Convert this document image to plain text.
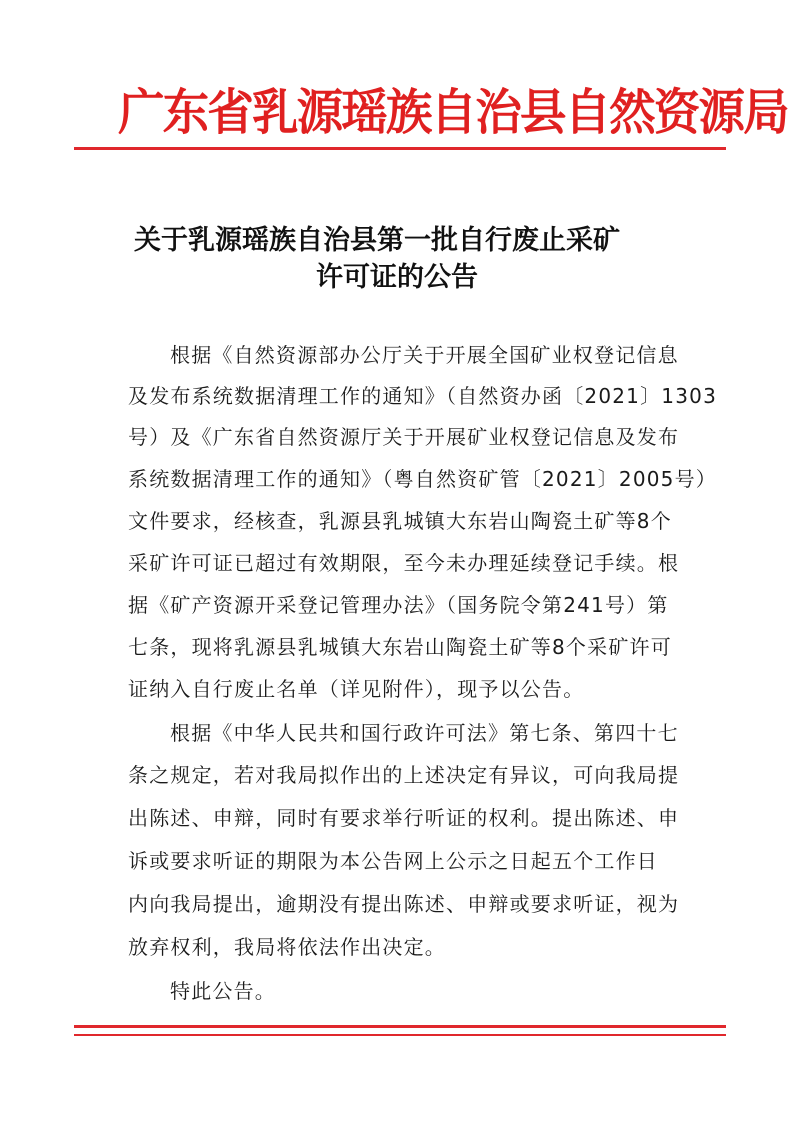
广东省乳源瑶族自治县自然资源局
关于乳源瑶族自治县第一批自行废止采矿
许可证的公告
根据《自然资源部办公厅关于开展全国矿业权登记信息
及发布系统数据清理工作的通知》（自然资办函〔2021〕1303
号）及《广东省自然资源厅关于开展矿业权登记信息及发布
系统数据清理工作的通知》（粤自然资矿管〔2021〕2005号）
文件要求，经核查，乳源县乳城镇大东岩山陶瓷土矿等8个
采矿许可证已超过有效期限，至今未办理延续登记手续。根
据《矿产资源开采登记管理办法》（国务院令第241号）第
七条，现将乳源县乳城镇大东岩山陶瓷土矿等8个采矿许可
证纳入自行废止名单（详见附件），现予以公告。
根据《中华人民共和国行政许可法》第七条、第四十七
条之规定，若对我局拟作出的上述决定有异议，可向我局提
出陈述、申辩，同时有要求举行听证的权利。提出陈述、申
诉或要求听证的期限为本公告网上公示之日起五个工作日
内向我局提出，逾期没有提出陈述、申辩或要求听证，视为
放弃权利，我局将依法作出决定。
特此公告。
